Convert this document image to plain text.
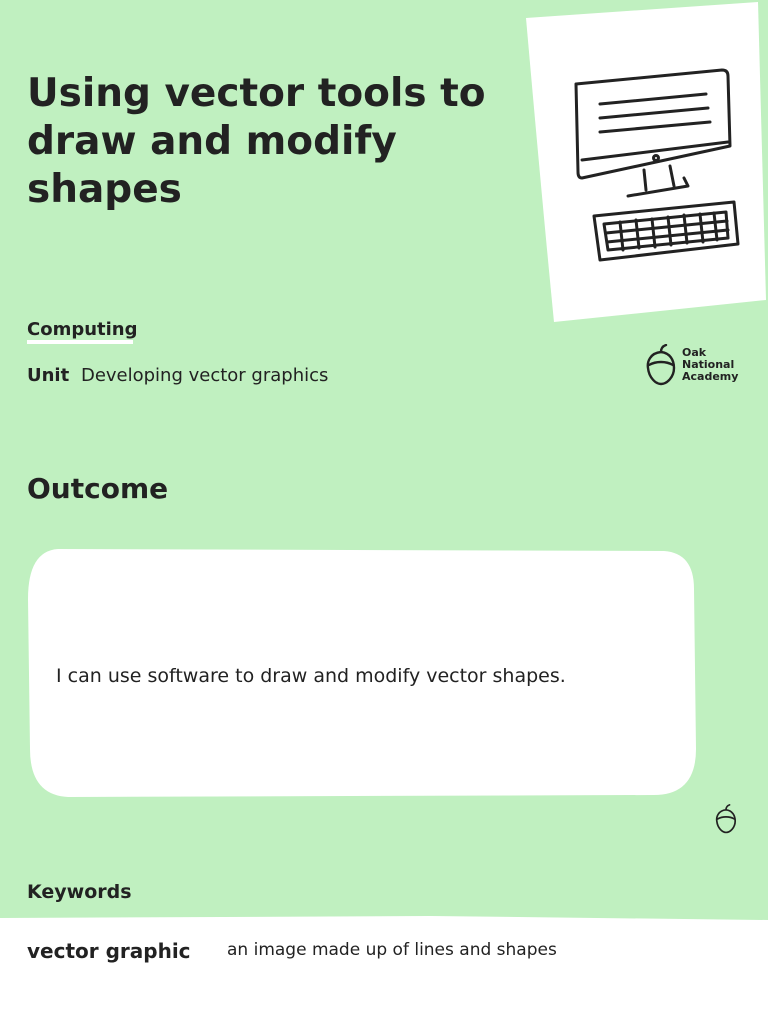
Using vector tools to draw and modify shapes
Computing
Unit Developing vector graphics
Oak
National
Academy
Outcome
I can use software to draw and modify vector shapes.
Keywords
vector graphic an image made up of lines and shapes
